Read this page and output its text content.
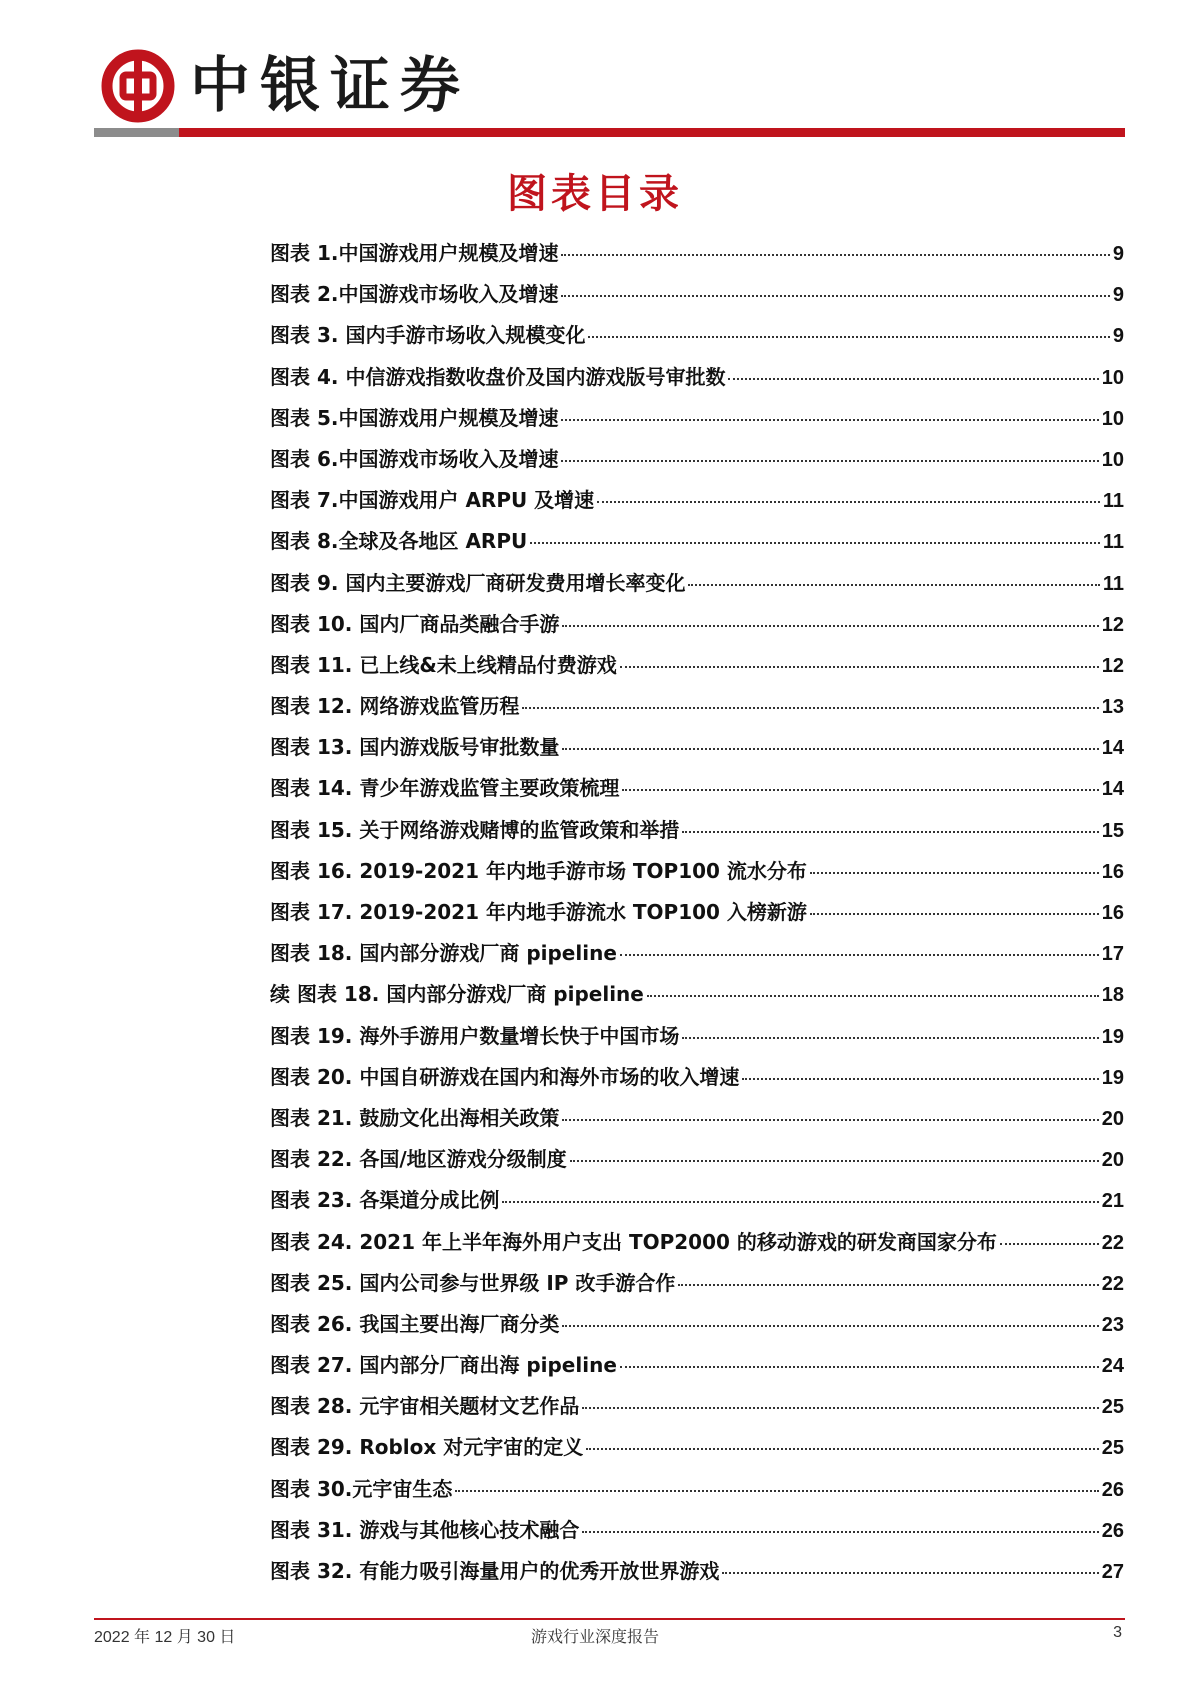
中银证券
图表目录
图表 1.中国游戏用户规模及增速	9
图表 2.中国游戏市场收入及增速	9
图表 3. 国内手游市场收入规模变化	9
图表 4. 中信游戏指数收盘价及国内游戏版号审批数	10
图表 5.中国游戏用户规模及增速	10
图表 6.中国游戏市场收入及增速	10
图表 7.中国游戏用户 ARPU 及增速	11
图表 8.全球及各地区 ARPU	11
图表 9. 国内主要游戏厂商研发费用增长率变化	11
图表 10. 国内厂商品类融合手游	12
图表 11. 已上线&未上线精品付费游戏	12
图表 12. 网络游戏监管历程	13
图表 13. 国内游戏版号审批数量	14
图表 14. 青少年游戏监管主要政策梳理	14
图表 15. 关于网络游戏赌博的监管政策和举措	15
图表 16. 2019-2021 年内地手游市场 TOP100 流水分布	16
图表 17. 2019-2021 年内地手游流水 TOP100 入榜新游	16
图表 18. 国内部分游戏厂商 pipeline	17
续 图表 18. 国内部分游戏厂商 pipeline	18
图表 19. 海外手游用户数量增长快于中国市场	19
图表 20. 中国自研游戏在国内和海外市场的收入增速	19
图表 21. 鼓励文化出海相关政策	20
图表 22. 各国/地区游戏分级制度	20
图表 23. 各渠道分成比例	21
图表 24. 2021 年上半年海外用户支出 TOP2000 的移动游戏的研发商国家分布	22
图表 25. 国内公司参与世界级 IP 改手游合作	22
图表 26. 我国主要出海厂商分类	23
图表 27. 国内部分厂商出海 pipeline	24
图表 28. 元宇宙相关题材文艺作品	25
图表 29. Roblox 对元宇宙的定义	25
图表 30.元宇宙生态	26
图表 31. 游戏与其他核心技术融合	26
图表 32. 有能力吸引海量用户的优秀开放世界游戏	27
2022 年 12 月 30 日	游戏行业深度报告	3
